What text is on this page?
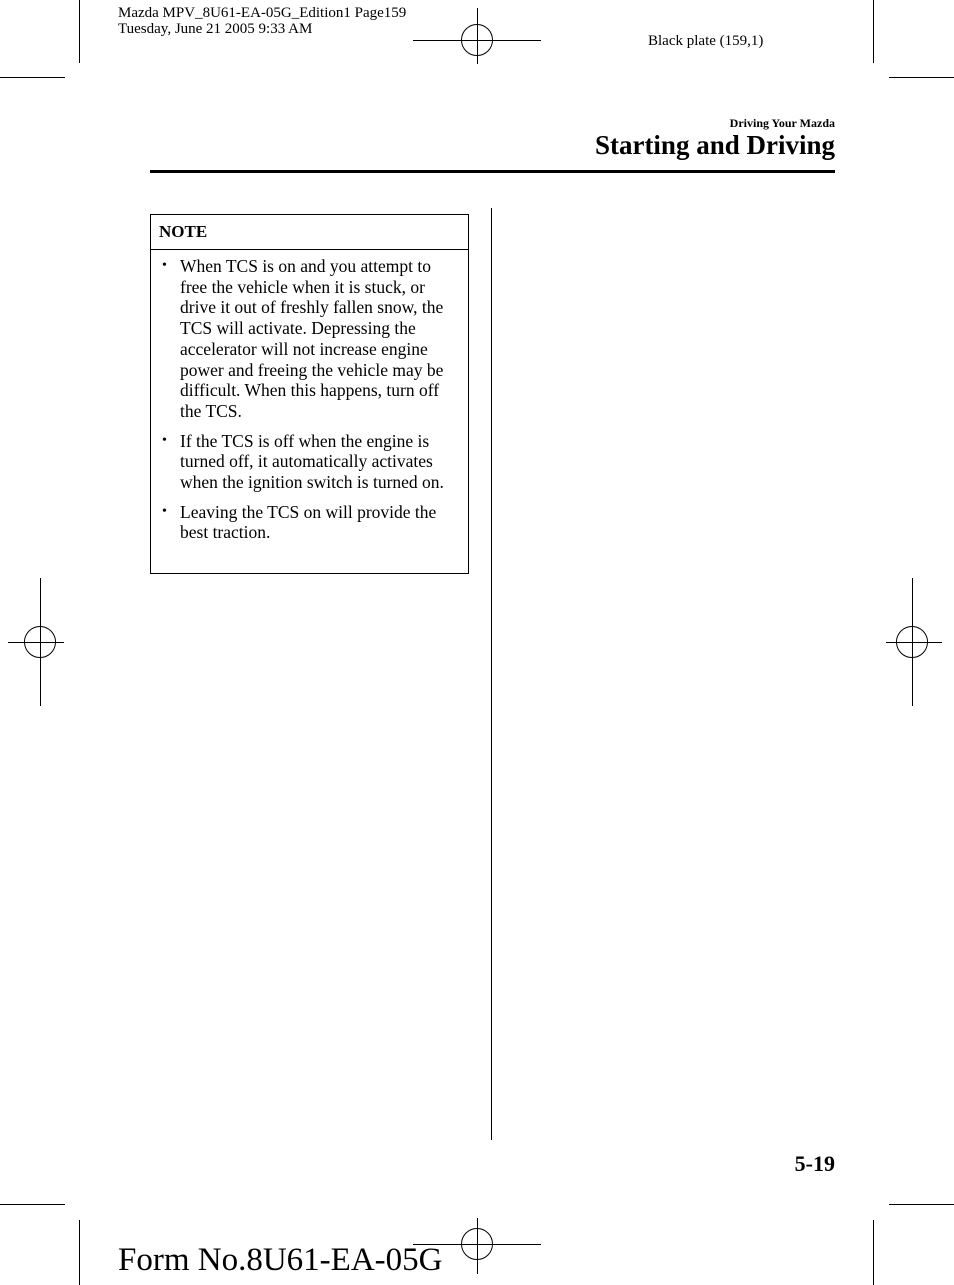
Mazda MPV_8U61-EA-05G_Edition1 Page159
Tuesday, June 21 2005 9:33 AM
Black plate (159,1)
Driving Your Mazda
Starting and Driving
NOTE
• When TCS is on and you attempt to free the vehicle when it is stuck, or drive it out of freshly fallen snow, the TCS will activate. Depressing the accelerator will not increase engine power and freeing the vehicle may be difficult. When this happens, turn off the TCS.
• If the TCS is off when the engine is turned off, it automatically activates when the ignition switch is turned on.
• Leaving the TCS on will provide the best traction.
5-19
Form No.8U61-EA-05G
